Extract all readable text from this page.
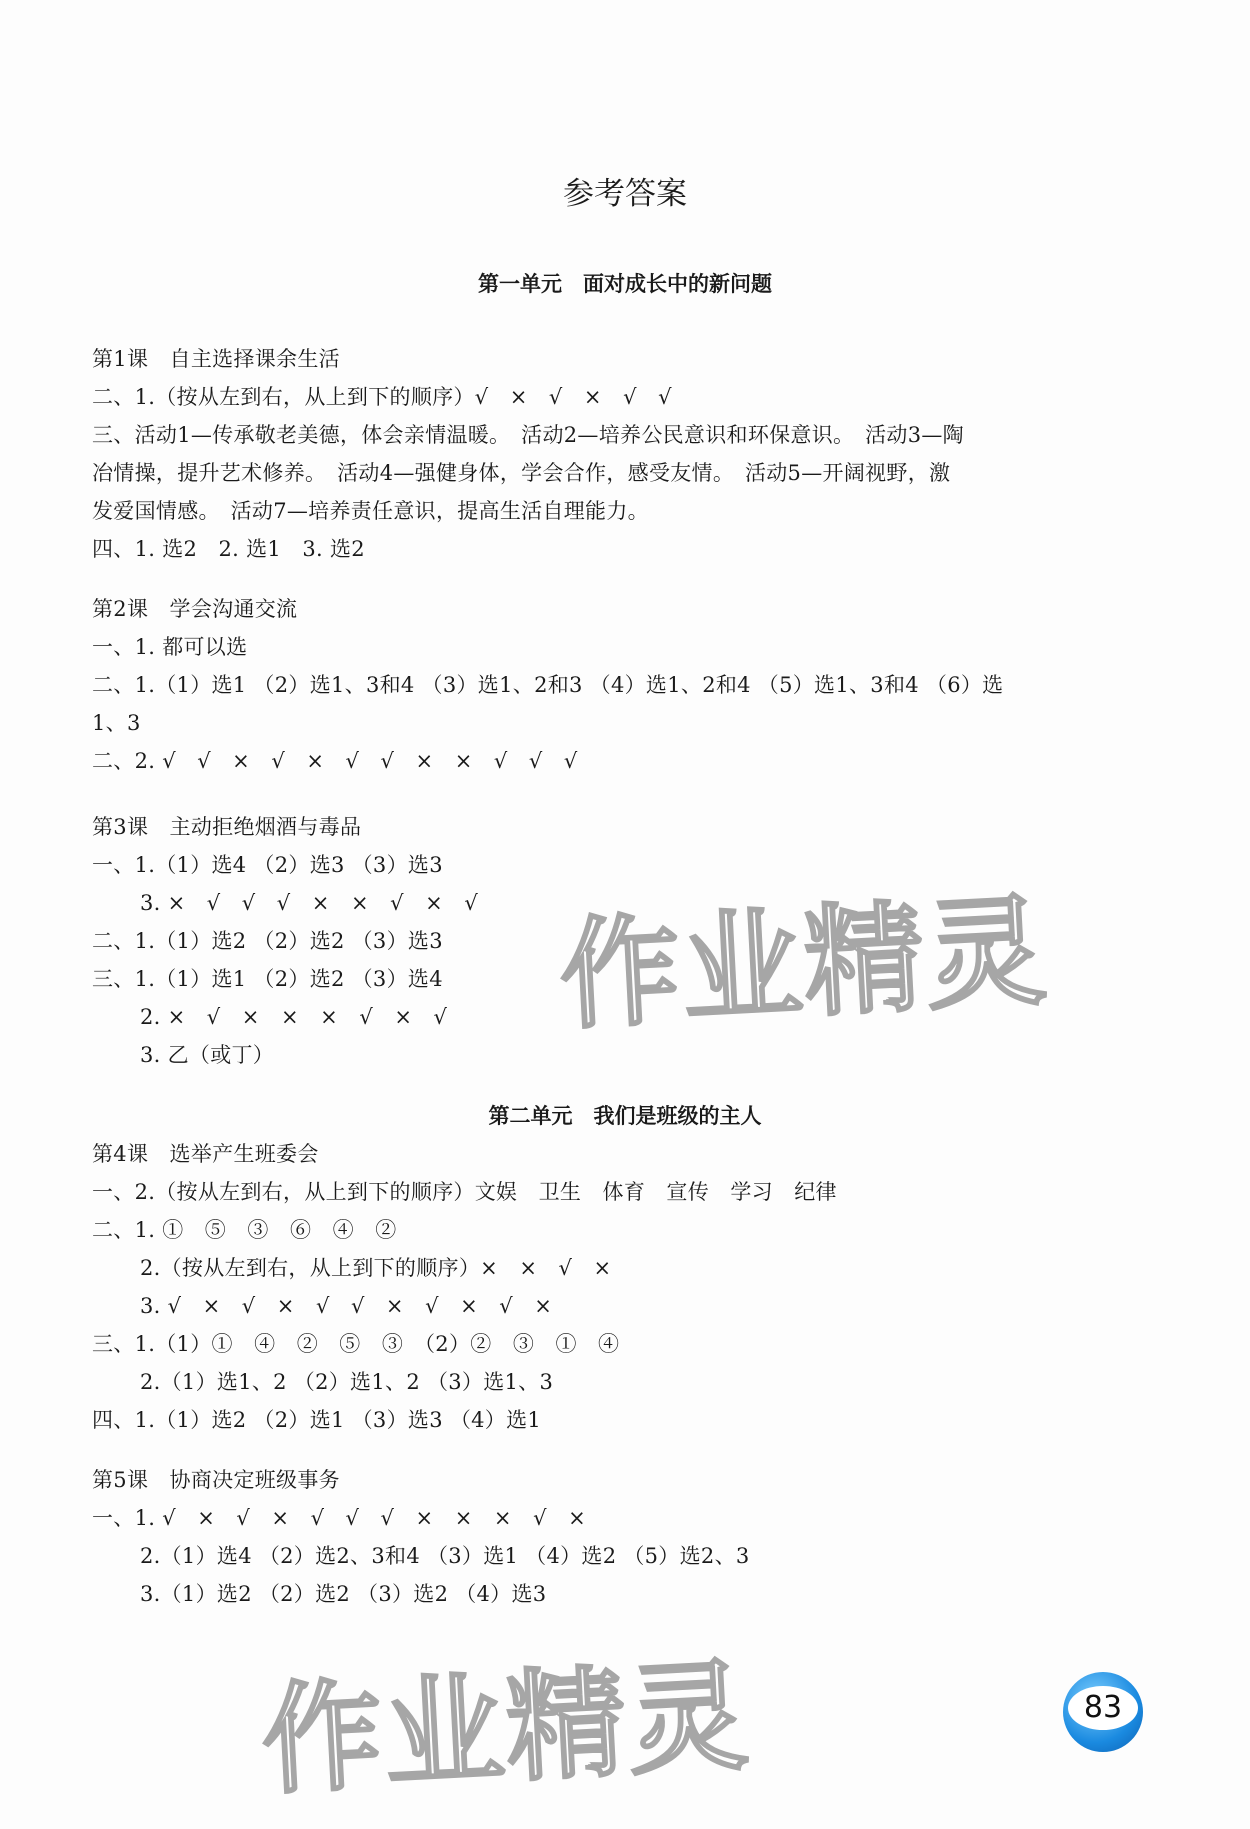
参考答案
第一单元　面对成长中的新问题
第1课　自主选择课余生活
二、1.（按从左到右，从上到下的顺序）√　×　√　×　√　√
三、活动1—传承敬老美德，体会亲情温暖。　活动2—培养公民意识和环保意识。　活动3—陶
冶情操，提升艺术修养。　活动4—强健身体，学会合作，感受友情。　活动5—开阔视野，激
发爱国情感。　活动7—培养责任意识，提高生活自理能力。
四、1. 选2　2. 选1　3. 选2
第2课　学会沟通交流
一、1. 都可以选
二、1.（1）选1 （2）选1、3和4 （3）选1、2和3 （4）选1、2和4 （5）选1、3和4 （6）选
1、3
二、2. √　√　×　√　×　√　√　×　×　√　√　√
第3课　主动拒绝烟酒与毒品
一、1.（1）选4 （2）选3 （3）选3
3. ×　√　√　√　×　×　√　×　√
二、1.（1）选2 （2）选2 （3）选3
三、1.（1）选1 （2）选2 （3）选4
2. ×　√　×　×　×　√　×　√
3. 乙（或丁）
第二单元　我们是班级的主人
第4课　选举产生班委会
一、2.（按从左到右，从上到下的顺序）文娱　卫生　体育　宣传　学习　纪律
二、1. ①　⑤　③　⑥　④　②
2.（按从左到右，从上到下的顺序）×　×　√　×
3. √　×　√　×　√　√　×　√　×　√　×
三、1.（1）①　④　②　⑤　③　（2）②　③　①　④
2.（1）选1、2 （2）选1、2 （3）选1、3
四、1.（1）选2 （2）选1 （3）选3 （4）选1
第5课　协商决定班级事务
一、1. √　×　√　×　√　√　√　×　×　×　√　×
2.（1）选4 （2）选2、3和4 （3）选1 （4）选2 （5）选2、3
3.（1）选2 （2）选2 （3）选2 （4）选3
作业精灵
作业精灵	83
